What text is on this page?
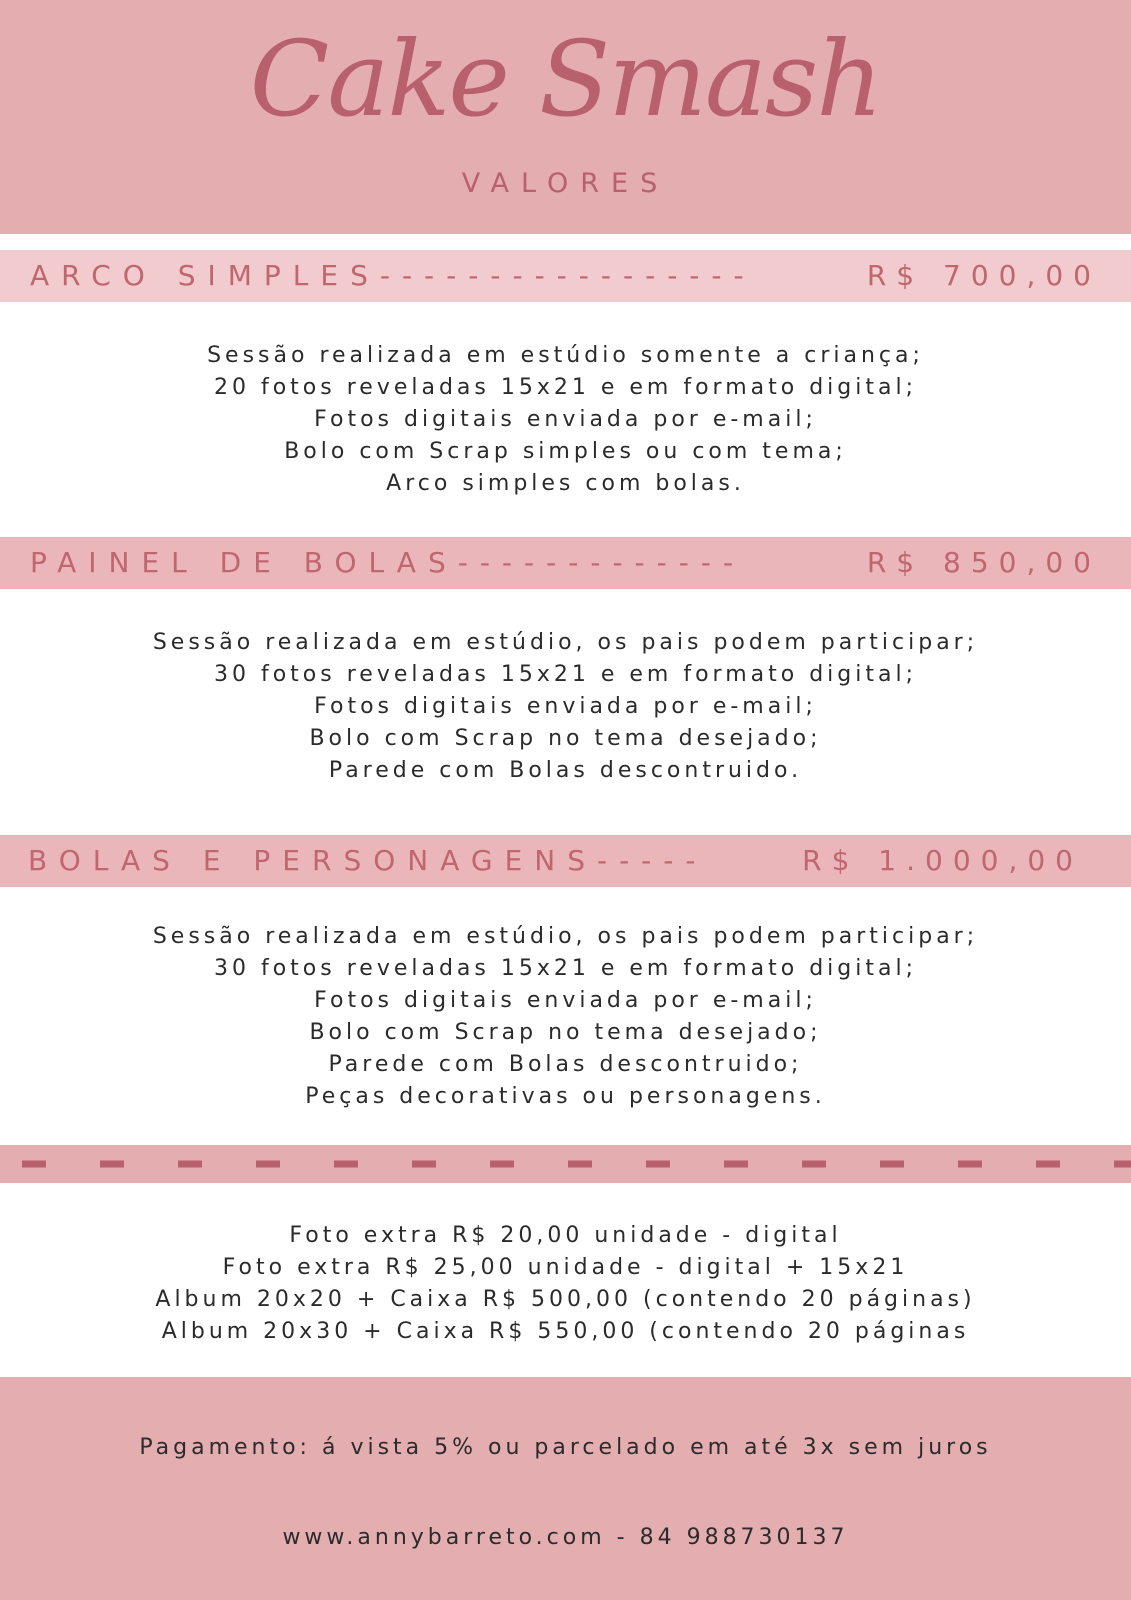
Cake Smash
VALORES
ARCO SIMPLES-----------------	R$ 700,00
Sessão realizada em estúdio somente a criança;
20 fotos reveladas 15x21 e em formato digital;
Fotos digitais enviada por e-mail;
Bolo com Scrap simples ou com tema;
Arco simples com bolas.
PAINEL DE BOLAS-------------	R$ 850,00
Sessão realizada em estúdio, os pais podem participar;
30 fotos reveladas 15x21 e em formato digital;
Fotos digitais enviada por e-mail;
Bolo com Scrap no tema desejado;
Parede com Bolas descontruido.
BOLAS E PERSONAGENS-----	R$ 1.000,00
Sessão realizada em estúdio, os pais podem participar;
30 fotos reveladas 15x21 e em formato digital;
Fotos digitais enviada por e-mail;
Bolo com Scrap no tema desejado;
Parede com Bolas descontruido;
Peças decorativas ou personagens.
Foto extra R$ 20,00 unidade - digital
Foto extra R$ 25,00 unidade - digital + 15x21
Album 20x20 + Caixa R$ 500,00 (contendo 20 páginas)
Album 20x30 + Caixa R$ 550,00 (contendo 20 páginas
Pagamento: á vista 5% ou parcelado em até 3x sem juros
www.annybarreto.com - 84 988730137
